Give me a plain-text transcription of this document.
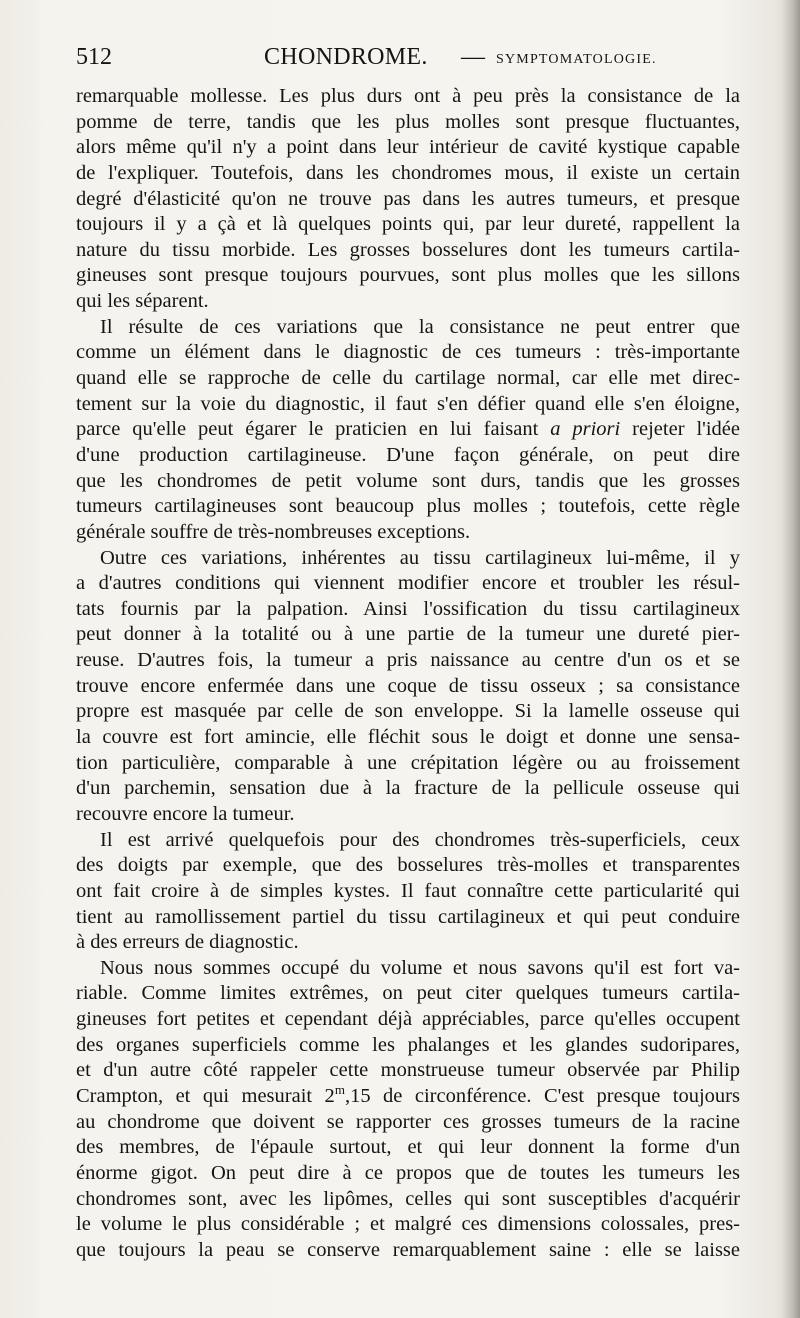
512	CHONDROME. — SYMPTOMATOLOGIE.

remarquable mollesse. Les plus durs ont à peu près la consistance de la
pomme de terre, tandis que les plus molles sont presque fluctuantes,
alors même qu'il n'y a point dans leur intérieur de cavité kystique capable
de l'expliquer. Toutefois, dans les chondromes mous, il existe un certain
degré d'élasticité qu'on ne trouve pas dans les autres tumeurs, et presque
toujours il y a çà et là quelques points qui, par leur dureté, rappellent la
nature du tissu morbide. Les grosses bosselures dont les tumeurs cartila-
gineuses sont presque toujours pourvues, sont plus molles que les sillons
qui les séparent.

Il résulte de ces variations que la consistance ne peut entrer que
comme un élément dans le diagnostic de ces tumeurs : très-importante
quand elle se rapproche de celle du cartilage normal, car elle met direc-
tement sur la voie du diagnostic, il faut s'en défier quand elle s'en éloigne,
parce qu'elle peut égarer le praticien en lui faisant a priori rejeter l'idée
d'une production cartilagineuse. D'une façon générale, on peut dire
que les chondromes de petit volume sont durs, tandis que les grosses
tumeurs cartilagineuses sont beaucoup plus molles ; toutefois, cette règle
générale souffre de très-nombreuses exceptions.

Outre ces variations, inhérentes au tissu cartilagineux lui-même, il y
a d'autres conditions qui viennent modifier encore et troubler les résul-
tats fournis par la palpation. Ainsi l'ossification du tissu cartilagineux
peut donner à la totalité ou à une partie de la tumeur une dureté pier-
reuse. D'autres fois, la tumeur a pris naissance au centre d'un os et se
trouve encore enfermée dans une coque de tissu osseux ; sa consistance
propre est masquée par celle de son enveloppe. Si la lamelle osseuse qui
la couvre est fort amincie, elle fléchit sous le doigt et donne une sensa-
tion particulière, comparable à une crépitation légère ou au froissement
d'un parchemin, sensation due à la fracture de la pellicule osseuse qui
recouvre encore la tumeur.

Il est arrivé quelquefois pour des chondromes très-superficiels, ceux
des doigts par exemple, que des bosselures très-molles et transparentes
ont fait croire à de simples kystes. Il faut connaître cette particularité qui
tient au ramollissement partiel du tissu cartilagineux et qui peut conduire
à des erreurs de diagnostic.

Nous nous sommes occupé du volume et nous savons qu'il est fort va-
riable. Comme limites extrêmes, on peut citer quelques tumeurs cartila-
gineuses fort petites et cependant déjà appréciables, parce qu'elles occupent
des organes superficiels comme les phalanges et les glandes sudoripares,
et d'un autre côté rappeler cette monstrueuse tumeur observée par Philip
Crampton, et qui mesurait 2$^m$,15 de circonférence. C'est presque toujours
au chondrome que doivent se rapporter ces grosses tumeurs de la racine
des membres, de l'épaule surtout, et qui leur donnent la forme d'un
énorme gigot. On peut dire à ce propos que de toutes les tumeurs les
chondromes sont, avec les lipômes, celles qui sont susceptibles d'acquérir
le volume le plus considérable ; et malgré ces dimensions colossales, pres-
que toujours la peau se conserve remarquablement saine : elle se laisse
